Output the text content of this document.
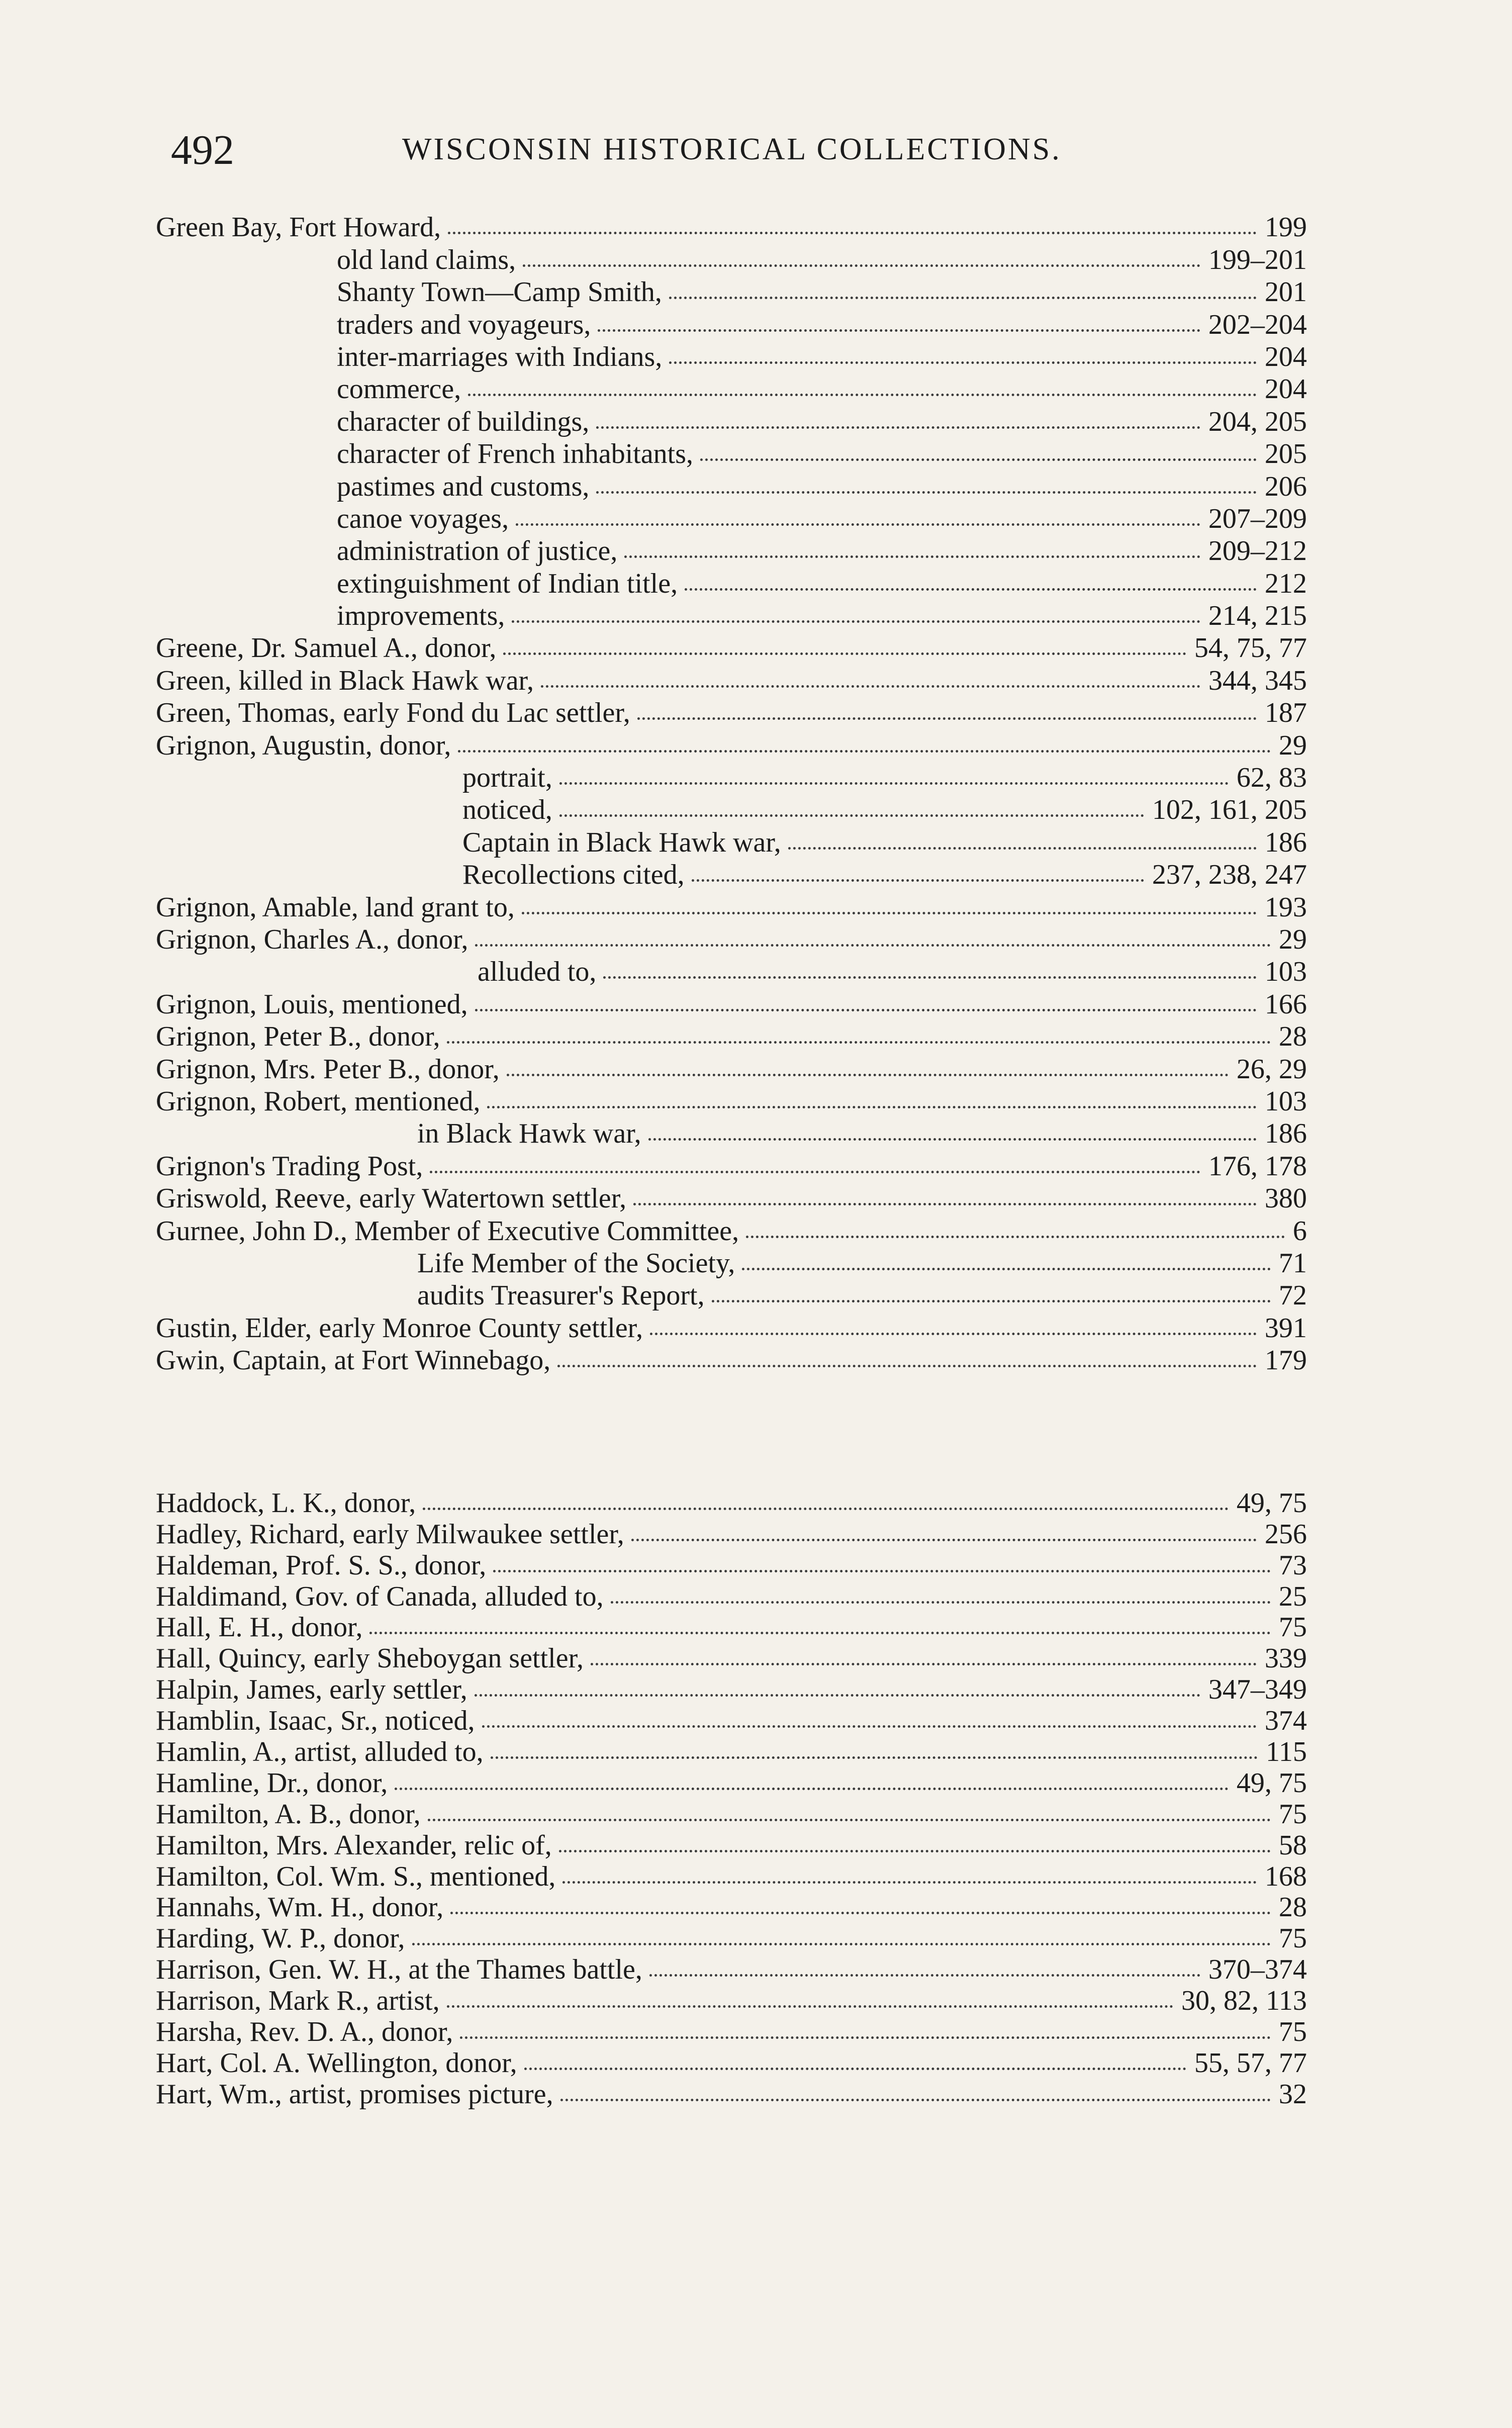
492	WISCONSIN HISTORICAL COLLECTIONS.
Green Bay, Fort Howard,	199
old land claims,	199–201
Shanty Town—Camp Smith,	201
traders and voyageurs,	202–204
inter-marriages with Indians,	204
commerce,	204
character of buildings,	204, 205
character of French inhabitants,	205
pastimes and customs,	206
canoe voyages,	207–209
administration of justice,	209–212
extinguishment of Indian title,	212
improvements,	214, 215
Greene, Dr. Samuel A., donor,	54, 75, 77
Green, killed in Black Hawk war,	344, 345
Green, Thomas, early Fond du Lac settler,	187
Grignon, Augustin, donor,	29
portrait,	62, 83
noticed,	102, 161, 205
Captain in Black Hawk war,	186
Recollections cited,	237, 238, 247
Grignon, Amable, land grant to,	193
Grignon, Charles A., donor,	29
alluded to,	103
Grignon, Louis, mentioned,	166
Grignon, Peter B., donor,	28
Grignon, Mrs. Peter B., donor,	26, 29
Grignon, Robert, mentioned,	103
in Black Hawk war,	186
Grignon's Trading Post,	176, 178
Griswold, Reeve, early Watertown settler,	380
Gurnee, John D., Member of Executive Committee,	6
Life Member of the Society,	71
audits Treasurer's Report,	72
Gustin, Elder, early Monroe County settler,	391
Gwin, Captain, at Fort Winnebago,	179
Haddock, L. K., donor,	49, 75
Hadley, Richard, early Milwaukee settler,	256
Haldeman, Prof. S. S., donor,	73
Haldimand, Gov. of Canada, alluded to,	25
Hall, E. H., donor,	75
Hall, Quincy, early Sheboygan settler,	339
Halpin, James, early settler,	347–349
Hamblin, Isaac, Sr., noticed,	374
Hamlin, A., artist, alluded to,	115
Hamline, Dr., donor,	49, 75
Hamilton, A. B., donor,	75
Hamilton, Mrs. Alexander, relic of,	58
Hamilton, Col. Wm. S., mentioned,	168
Hannahs, Wm. H., donor,	28
Harding, W. P., donor,	75
Harrison, Gen. W. H., at the Thames battle,	370–374
Harrison, Mark R., artist,	30, 82, 113
Harsha, Rev. D. A., donor,	75
Hart, Col. A. Wellington, donor,	55, 57, 77
Hart, Wm., artist, promises picture,	32
